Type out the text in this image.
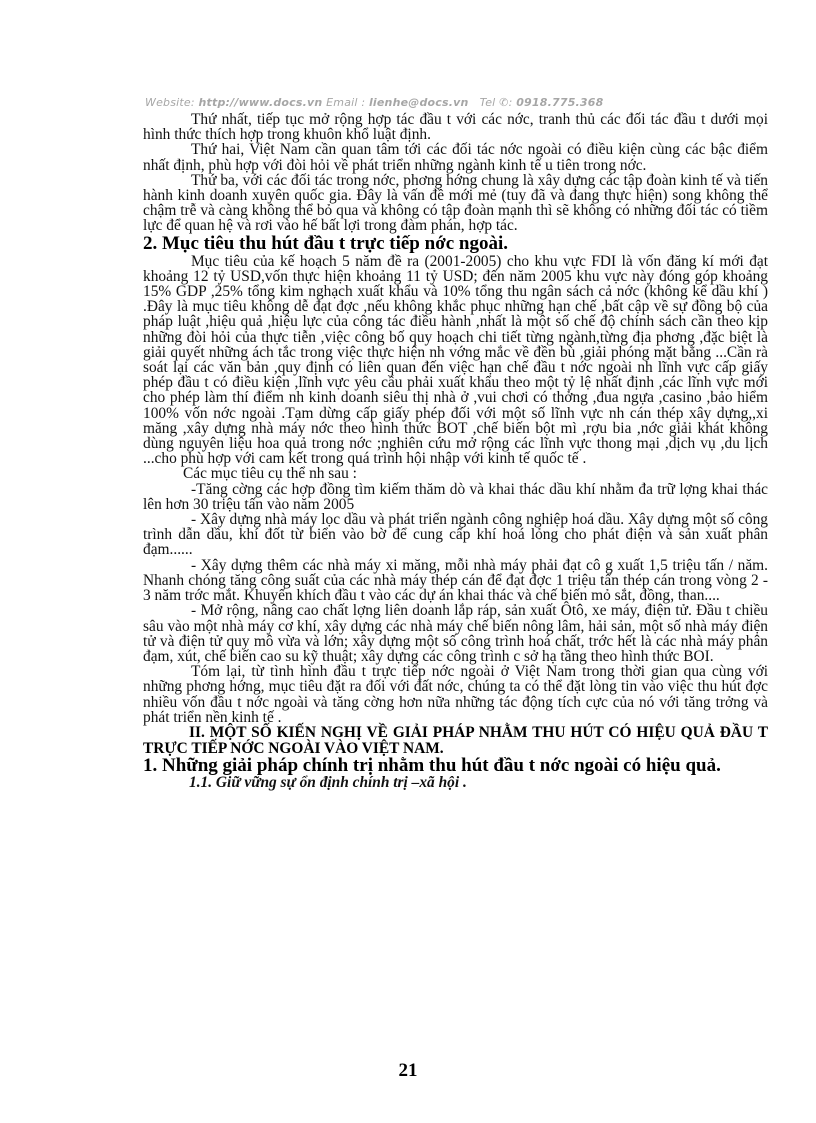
Website: http://www.docs.vn Email : lienhe@docs.vn Tel ✆: 0918.775.368

Thứ nhất, tiếp tục mở rộng hợp tác đầu t với các nớc, tranh thủ các đối tác đầu t dưới mọi hình thức thích hợp trong khuôn khổ luật định.

Thứ hai, Việt Nam cần quan tâm tới các đối tác nớc ngoài có điều kiện cùng các bậc điểm nhất định, phù hợp với đòi hỏi về phát triển những ngành kinh tế u tiên trong nớc.

Thứ ba, với các đối tác trong nớc, phơng hớng chung là xây dựng các tập đoàn kinh tế và tiến hành kinh doanh xuyên quốc gia. Đây là vấn đề mới mẻ (tuy đã và đang thực hiện) song không thể chậm trễ và càng không thể bỏ qua và không có tập đoàn mạnh thì sẽ không có những đối tác có tiềm lực để quan hệ và rơi vào hế bất lợi trong đàm phán, hợp tác.

2. Mục tiêu thu hút đầu t trực tiếp nớc ngoài.

Mục tiêu của kế hoạch 5 năm đề ra (2001-2005) cho khu vực FDI là vốn đăng kí mới đạt khoảng 12 tỷ USD,vốn thực hiện khoảng 11 tỷ USD; đến năm 2005 khu vực này đóng góp khoảng 15% GDP ,25% tổng kim nghạch xuất khẩu và 10% tổng thu ngân sách cả nớc (không kể dầu khí ) .Đây là mục tiêu không dễ đạt đợc ,nếu không khắc phục những hạn chế ,bất cập về sự đồng bộ của pháp luật ,hiệu quả ,hiệu lực của công tác điều hành ,nhất là một số chế độ chính sách cần theo kịp những đòi hỏi của thực tiễn ,việc công bố quy hoạch chi tiết từng ngành,từng địa phơng ,đặc biệt là giải quyết những ách tắc trong việc thực hiện nh vớng mắc về đền bù ,giải phóng mặt bằng ...Cần rà soát lại các văn bản ,quy định có liên quan đến việc hạn chế đầu t nớc ngoài nh lĩnh vực cấp giấy phép đầu t có điều kiện ,lĩnh vực yêu cầu phải xuất khẩu theo một tỷ lệ nhất định ,các lĩnh vực mới cho phép làm thí điểm nh kinh doanh siêu thị nhà ở ,vui chơi có thởng ,đua ngựa ,casino ,bảo hiểm 100% vốn nớc ngoài .Tạm dừng cấp giấy phép đối với một số lĩnh vực nh cán thép xây dựng,,xi măng ,xây dựng nhà máy nớc theo hình thức BOT ,chế biến bột mì ,rợu bia ,nớc giải khát không dùng nguyên liệu hoa quả trong nớc ;nghiên cứu mở rộng các lĩnh vực thong mại ,dịch vụ ,du lịch ...cho phù hợp với cam kết trong quá trình hội nhập với kinh tế quốc tế .

Các mục tiêu cụ thể nh sau :

-Tăng cờng các hợp đồng tìm kiếm thăm dò và khai thác dầu khí nhằm đa trữ lợng khai thác lên hơn 30 triệu tấn vào năm 2005

- Xây dựng nhà máy lọc dầu và phát triển ngành công nghiệp hoá dầu. Xây dựng một số công trình dẫn dầu, khí đốt từ biển vào bờ để cung cấp khí hoá lỏng cho phát điện và sản xuất phân đạm......

- Xây dựng thêm các nhà máy xi măng, mỗi nhà máy phải đạt cô g xuất 1,5 triệu tấn / năm. Nhanh chóng tăng công suất của các nhà máy thép cán để đạt đợc 1 triệu tấn thép cán trong vòng 2 - 3 năm trớc mắt. Khuyến khích đầu t vào các dự án khai thác và chế biến mỏ sắt, đồng, than....

- Mở rộng, nâng cao chất lợng liên doanh lắp ráp, sản xuất Ôtô, xe máy, điện tử. Đầu t chiều sâu vào một nhà máy cơ khí, xây dựng các nhà máy chế biến nông lâm, hải sản, một số nhà máy điện tử và điện tử quy mô vừa và lớn; xây dựng một số công trình hoá chất, trớc hết là các nhà máy phân đạm, xút, chế biến cao su kỹ thuật; xây dựng các công trình c sở hạ tầng theo hình thức BOI.

Tóm lại, từ tình hình đầu t trực tiếp nớc ngoài ở Việt Nam trong thời gian qua cùng với những phơng hớng, mục tiêu đặt ra đối với đất nớc, chúng ta có thể đặt lòng tin vào việc thu hút đợc nhiều vốn đầu t nớc ngoài và tăng cờng hơn nữa những tác động tích cực của nó với tăng trởng và phát triển nền kinh tế .

II. MỘT SỐ KIẾN NGHỊ VỀ GIẢI PHÁP NHẰM THU HÚT CÓ HIỆU QUẢ ĐẦU T TRỰC TIẾP NỚC NGOÀI VÀO VIỆT NAM.

1. Những giải pháp chính trị nhằm thu hút đầu t nớc ngoài có hiệu quả.

1.1. Giữ vững sự ổn định chính trị –xã hội .

21
